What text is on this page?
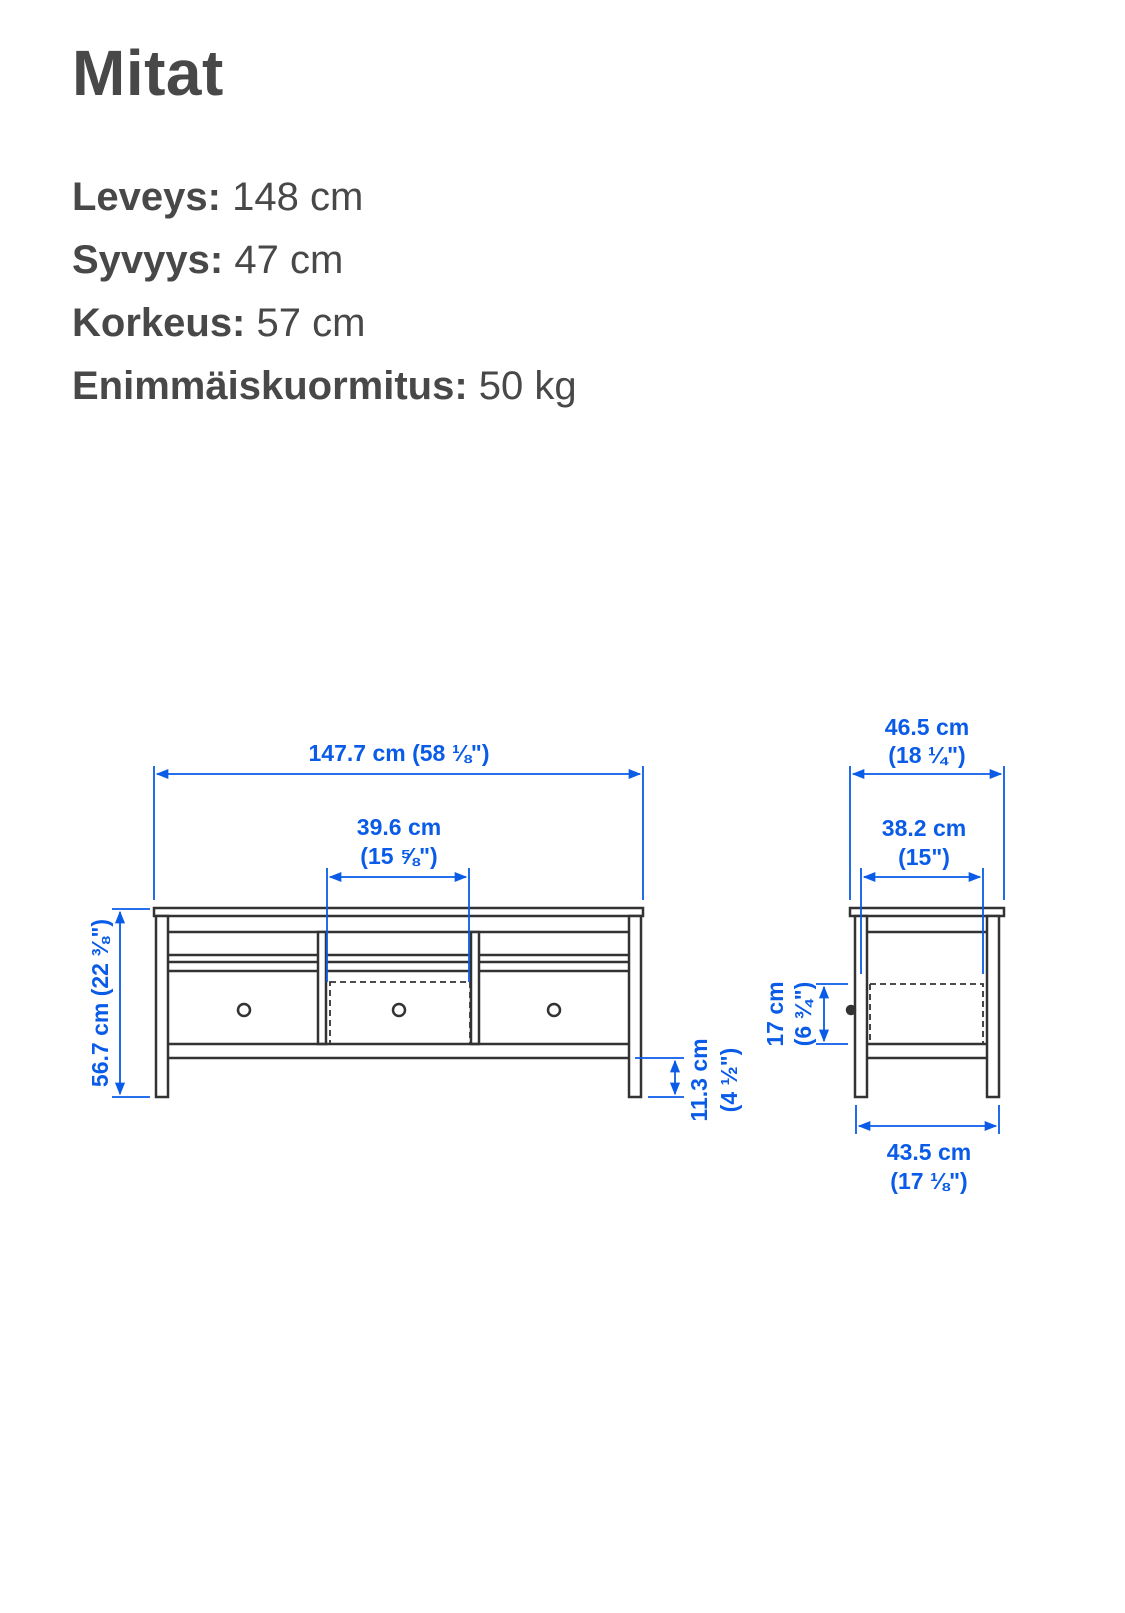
Mitat
Leveys: 148 cm
Syvyys: 47 cm
Korkeus: 57 cm
Enimmäiskuormitus: 50 kg
147.7 cm (58 ⅛")
39.6 cm
(15 ⅝")
56.7 cm (22 ⅜")	11.3 cm (4 ½")
46.5 cm
(18 ¼")
38.2 cm
(15")
17 cm (6 ¾")
43.5 cm
(17 ⅛")
